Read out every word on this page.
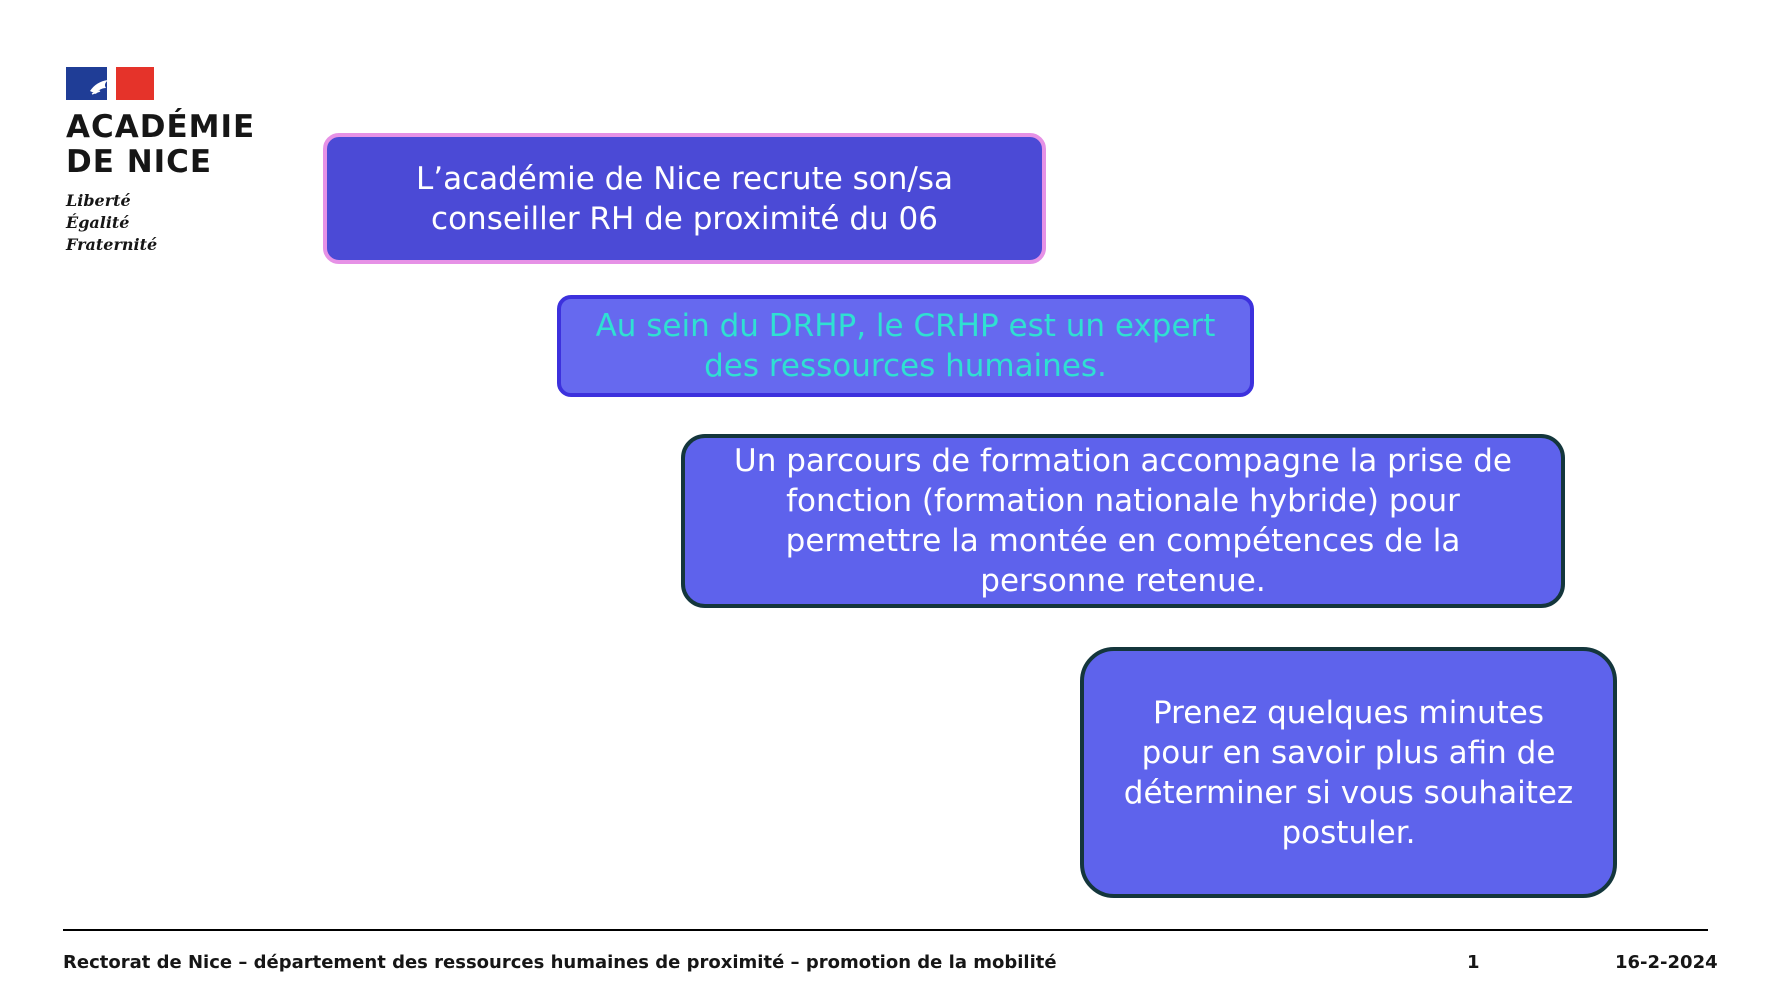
ACADÉMIE
DE NICE
Liberté
Égalité
Fraternité
L’académie de Nice recrute son/sa conseiller RH de proximité du 06
Au sein du DRHP, le CRHP est un expert des ressources humaines.
Un parcours de formation accompagne la prise de fonction (formation nationale hybride) pour permettre la montée en compétences de la personne retenue.
Prenez quelques minutes pour en savoir plus afin de déterminer si vous souhaitez postuler.
Rectorat de Nice – département des ressources humaines de proximité – promotion de la mobilité	1	16-2-2024
